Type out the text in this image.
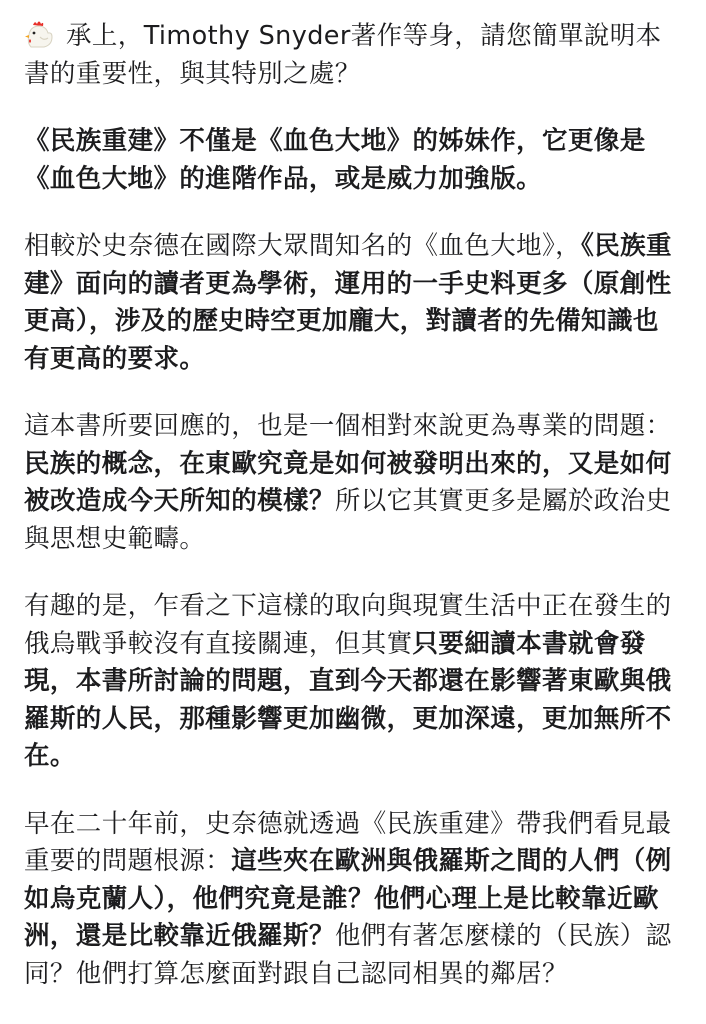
承上，Timothy Snyder著作等身，請您簡單說明本書的重要性，與其特別之處？

《民族重建》不僅是《血色大地》的姊妹作，它更像是《血色大地》的進階作品，或是威力加強版。

相較於史奈德在國際大眾間知名的《血色大地》，《民族重建》面向的讀者更為學術，運用的一手史料更多（原創性更高），涉及的歷史時空更加龐大，對讀者的先備知識也有更高的要求。

這本書所要回應的，也是一個相對來說更為專業的問題：民族的概念，在東歐究竟是如何被發明出來的，又是如何被改造成今天所知的模樣？所以它其實更多是屬於政治史與思想史範疇。

有趣的是，乍看之下這樣的取向與現實生活中正在發生的俄烏戰爭較沒有直接關連，但其實只要細讀本書就會發現，本書所討論的問題，直到今天都還在影響著東歐與俄羅斯的人民，那種影響更加幽微，更加深遠，更加無所不在。

早在二十年前，史奈德就透過《民族重建》帶我們看見最重要的問題根源：這些夾在歐洲與俄羅斯之間的人們（例如烏克蘭人），他們究竟是誰？他們心理上是比較靠近歐洲，還是比較靠近俄羅斯？他們有著怎麼樣的（民族）認同？他們打算怎麼面對跟自己認同相異的鄰居？
